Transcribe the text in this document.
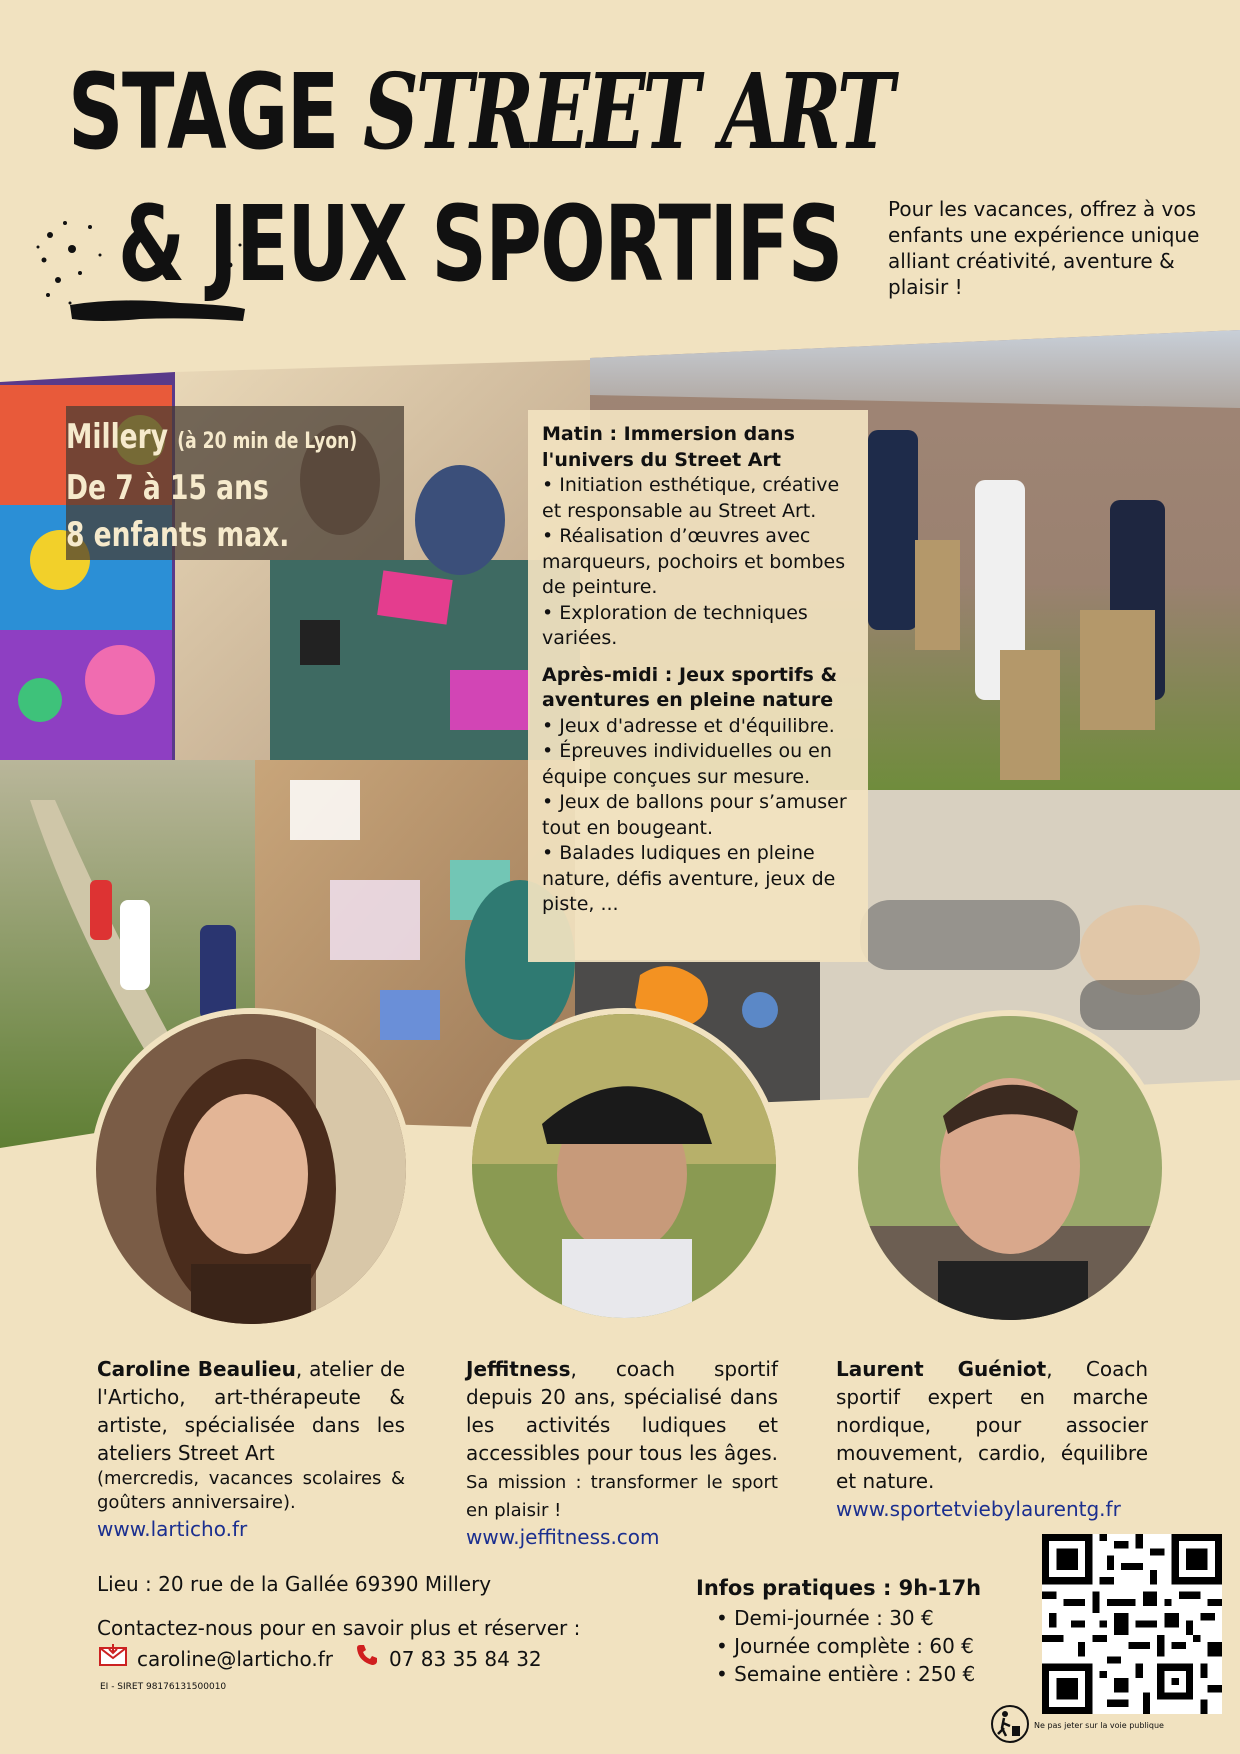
STAGE STREET ART
& JEUX SPORTIFS Pour les vacances, offrez à vos enfants une expérience unique alliant créativité, aventure & plaisir !
Millery (à 20 min de Lyon)
De 7 à 15 ans
8 enfants max.
Matin : Immersion dans l'univers du Street Art
• Initiation esthétique, créative et responsable au Street Art.
• Réalisation d’œuvres avec marqueurs, pochoirs et bombes de peinture.
• Exploration de techniques variées.
Après-midi : Jeux sportifs & aventures en pleine nature
• Jeux d'adresse et d'équilibre.
• Épreuves individuelles ou en équipe conçues sur mesure.
• Jeux de ballons pour s’amuser tout en bougeant.
• Balades ludiques en pleine nature, défis aventure, jeux de piste, ...
Caroline Beaulieu, atelier de l'Articho, art-thérapeute & artiste, spécialisée dans les ateliers Street Art
(mercredis, vacances scolaires & goûters anniversaire).
www.larticho.fr
Jeffitness, coach sportif depuis 20 ans, spécialisé dans les activités ludiques et accessibles pour tous les âges. Sa mission : transformer le sport en plaisir !
www.jeffitness.com
Laurent Guéniot, Coach sportif expert en marche nordique, pour associer mouvement, cardio, équilibre et nature.
www.sportetviebylaurentg.fr
Lieu : 20 rue de la Gallée 69390 Millery
Contactez-nous pour en savoir plus et réserver :
caroline@larticho.fr	07 83 35 84 32
EI - SIRET 98176131500010
Infos pratiques : 9h-17h
• Demi-journée : 30 €
• Journée complète : 60 €
• Semaine entière : 250 €
Ne pas jeter sur la voie publique
